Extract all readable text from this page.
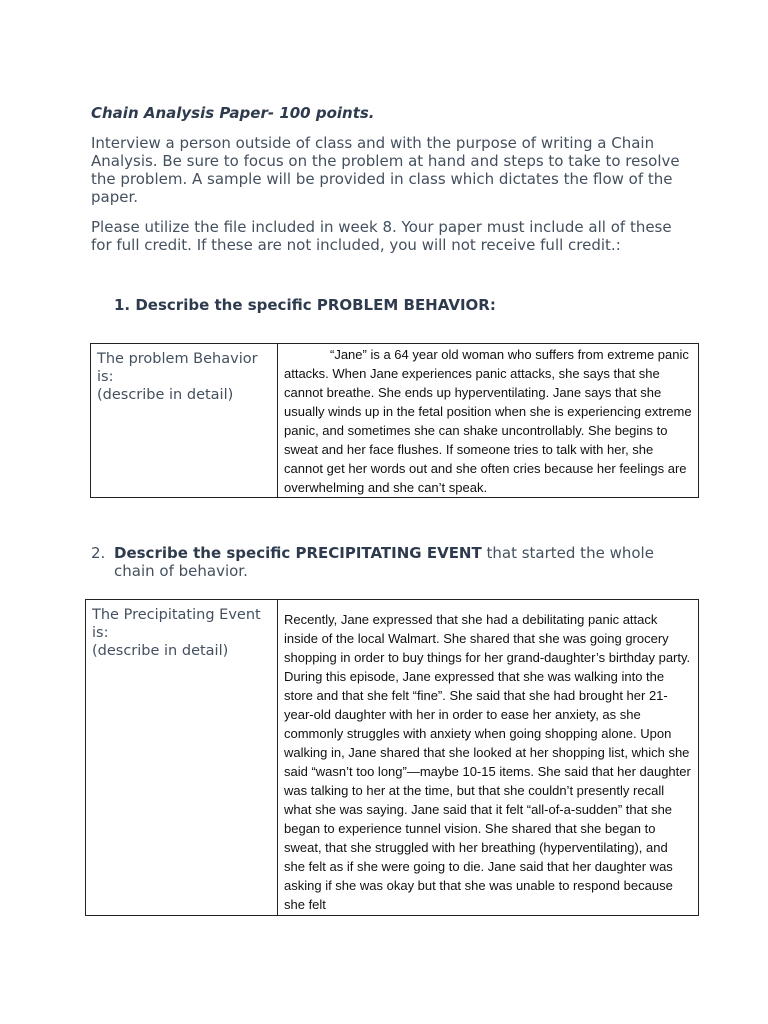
Chain Analysis Paper- 100 points.
Interview a person outside of class and with the purpose of writing a Chain Analysis. Be sure to focus on the problem at hand and steps to take to resolve the problem. A sample will be provided in class which dictates the flow of the paper.
Please utilize the file included in week 8. Your paper must include all of these for full credit. If these are not included, you will not receive full credit.:
1. Describe the specific PROBLEM BEHAVIOR:
The problem Behavior is:
(describe in detail)

“Jane” is a 64 year old woman who suffers from extreme panic attacks. When Jane experiences panic attacks, she says that she cannot breathe. She ends up hyperventilating. Jane says that she usually winds up in the fetal position when she is experiencing extreme panic, and sometimes she can shake uncontrollably. She begins to sweat and her face flushes. If someone tries to talk with her, she cannot get her words out and she often cries because her feelings are overwhelming and she can’t speak.
2. Describe the specific PRECIPITATING EVENT that started the whole chain of behavior.
The Precipitating Event is:
(describe in detail)

Recently, Jane expressed that she had a debilitating panic attack inside of the local Walmart. She shared that she was going grocery shopping in order to buy things for her grand-daughter’s birthday party. During this episode, Jane expressed that she was walking into the store and that she felt “fine”. She said that she had brought her 21-year-old daughter with her in order to ease her anxiety, as she commonly struggles with anxiety when going shopping alone. Upon walking in, Jane shared that she looked at her shopping list, which she said “wasn’t too long”—maybe 10-15 items. She said that her daughter was talking to her at the time, but that she couldn’t presently recall what she was saying. Jane said that it felt “all-of-a-sudden” that she began to experience tunnel vision. She shared that she began to sweat, that she struggled with her breathing (hyperventilating), and she felt as if she were going to die. Jane said that her daughter was asking if she was okay but that she was unable to respond because she felt
